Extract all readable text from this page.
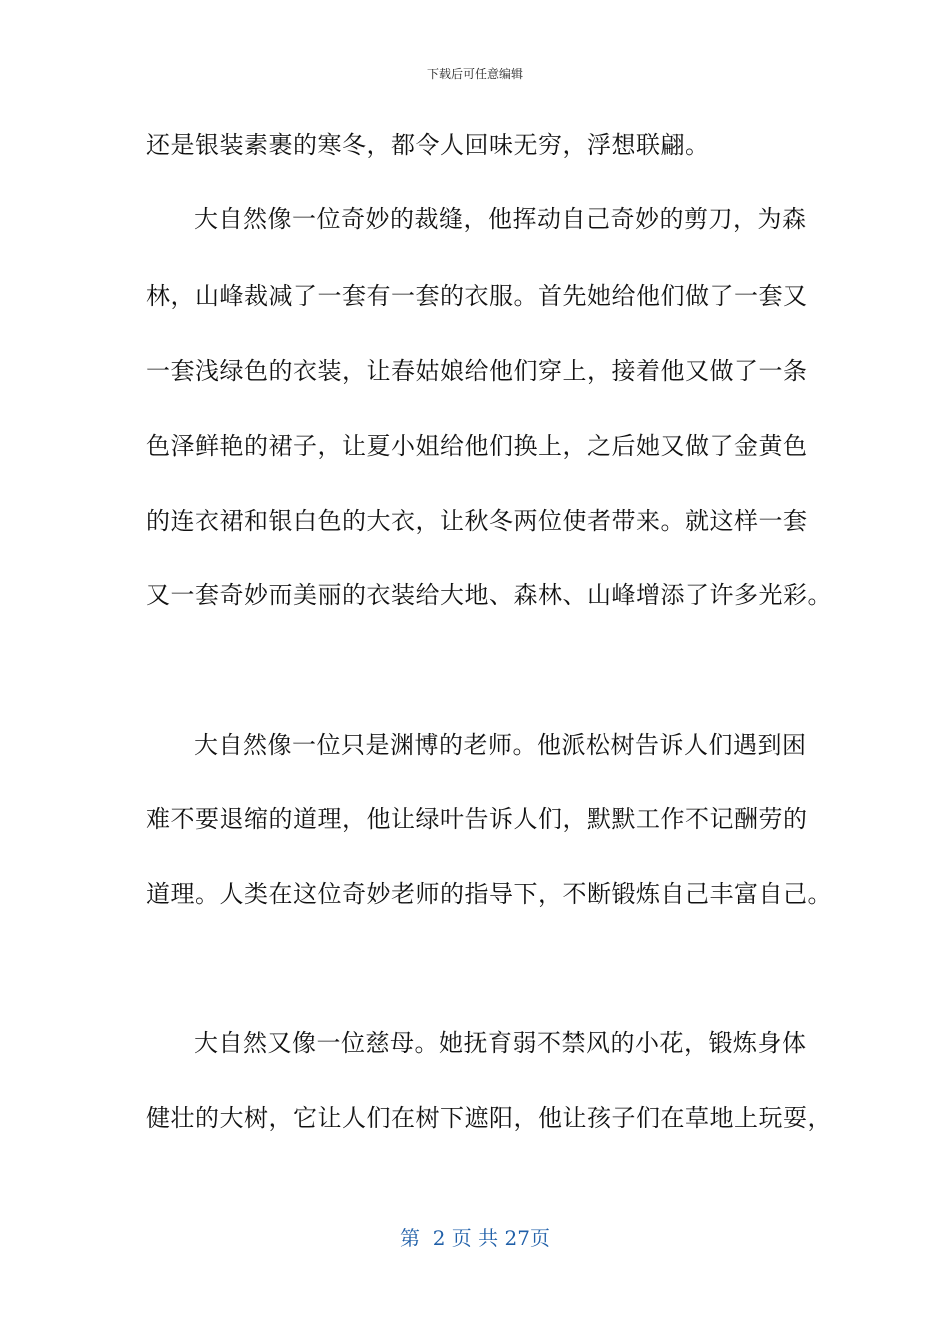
下载后可任意编辑
还是银装素裹的寒冬，都令人回味无穷，浮想联翩。
大自然像一位奇妙的裁缝，他挥动自己奇妙的剪刀，为森
林，山峰裁减了一套有一套的衣服。首先她给他们做了一套又
一套浅绿色的衣装，让春姑娘给他们穿上，接着他又做了一条
色泽鲜艳的裙子，让夏小姐给他们换上，之后她又做了金黄色
的连衣裙和银白色的大衣，让秋冬两位使者带来。就这样一套
又一套奇妙而美丽的衣装给大地、森林、山峰增添了许多光彩。
大自然像一位只是渊博的老师。他派松树告诉人们遇到困
难不要退缩的道理，他让绿叶告诉人们，默默工作不记酬劳的
道理。人类在这位奇妙老师的指导下，不断锻炼自己丰富自己。
大自然又像一位慈母。她抚育弱不禁风的小花，锻炼身体
健壮的大树，它让人们在树下遮阳，他让孩子们在草地上玩耍，
第  2 页 共 27页
